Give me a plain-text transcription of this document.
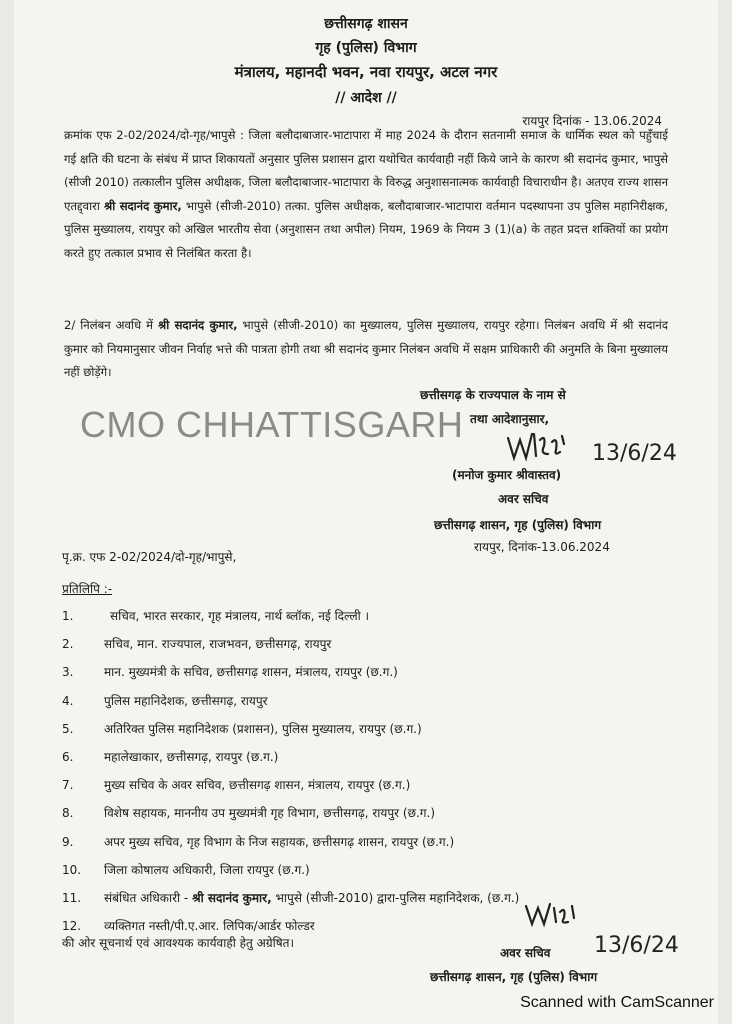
छत्तीसगढ़ शासन
गृह (पुलिस) विभाग
मंत्रालय, महानदी भवन, नवा रायपुर, अटल नगर
// आदेश //
रायपुर दिनांक - 13.06.2024
क्रमांक एफ 2-02/2024/दो-गृह/भापुसे : जिला बलौदाबाजार-भाटापारा में माह 2024 के दौरान सतनामी समाज के धार्मिक स्थल को पहुँचाई गई क्षति की घटना के संबंध में प्राप्त शिकायतों अनुसार पुलिस प्रशासन द्वारा यथोचित कार्यवाही नहीं किये जाने के कारण श्री सदानंद कुमार, भापुसे (सीजी 2010) तत्कालीन पुलिस अधीक्षक, जिला बलौदाबाजार-भाटापारा के विरुद्ध अनुशासनात्मक कार्यवाही विचाराधीन है। अतएव राज्य शासन एतद्द्वारा श्री सदानंद कुमार, भापुसे (सीजी-2010) तत्का. पुलिस अधीक्षक, बलौदाबाजार-भाटापारा वर्तमान पदस्थापना उप पुलिस महानिरीक्षक, पुलिस मुख्यालय, रायपुर को अखिल भारतीय सेवा (अनुशासन तथा अपील) नियम, 1969 के नियम 3 (1)(a) के तहत प्रदत्त शक्तियों का प्रयोग करते हुए तत्काल प्रभाव से निलंबित करता है।
2/ निलंबन अवधि में श्री सदानंद कुमार, भापुसे (सीजी-2010) का मुख्यालय, पुलिस मुख्यालय, रायपुर रहेगा। निलंबन अवधि में श्री सदानंद कुमार को नियमानुसार जीवन निर्वाह भत्ते की पात्रता होगी तथा श्री सदानंद कुमार निलंबन अवधि में सक्षम प्राधिकारी की अनुमति के बिना मुख्यालय नहीं छोड़ेंगे।
छत्तीसगढ़ के राज्यपाल के नाम से
तथा आदेशानुसार,
CMO CHHATTISGARH
13/6/24
(मनोज कुमार श्रीवास्तव)
अवर सचिव
छत्तीसगढ़ शासन, गृह (पुलिस) विभाग
रायपुर, दिनांक-13.06.2024
पृ.क्र. एफ 2-02/2024/दो-गृह/भापुसे,
प्रतिलिपि :-
1.	सचिव, भारत सरकार, गृह मंत्रालय, नार्थ ब्लॉक, नई दिल्ली ।
2.	सचिव, मान. राज्यपाल, राजभवन, छत्तीसगढ़, रायपुर
3.	मान. मुख्यमंत्री के सचिव, छत्तीसगढ़ शासन, मंत्रालय, रायपुर (छ.ग.)
4.	पुलिस महानिदेशक, छत्तीसगढ़, रायपुर
5.	अतिरिक्त पुलिस महानिदेशक (प्रशासन), पुलिस मुख्यालय, रायपुर (छ.ग.)
6.	महालेखाकार, छत्तीसगढ़, रायपुर (छ.ग.)
7.	मुख्य सचिव के अवर सचिव, छत्तीसगढ़ शासन, मंत्रालय, रायपुर (छ.ग.)
8.	विशेष सहायक, माननीय उप मुख्यमंत्री गृह विभाग, छत्तीसगढ़, रायपुर (छ.ग.)
9.	अपर मुख्य सचिव, गृह विभाग के निज सहायक, छत्तीसगढ़ शासन, रायपुर (छ.ग.)
10.	जिला कोषालय अधिकारी, जिला रायपुर (छ.ग.)
11.	संबंधित अधिकारी - श्री सदानंद कुमार, भापुसे (सीजी-2010) द्वारा-पुलिस महानिदेशक, (छ.ग.)
12.	व्यक्तिगत नस्ती/पी.ए.आर. लिपिक/आर्डर फोल्डर
की ओर सूचनार्थ एवं आवश्यक कार्यवाही हेतु अग्रेषित।	13/6/24
अवर सचिव
छत्तीसगढ़ शासन, गृह (पुलिस) विभाग
Scanned with CamScanner
